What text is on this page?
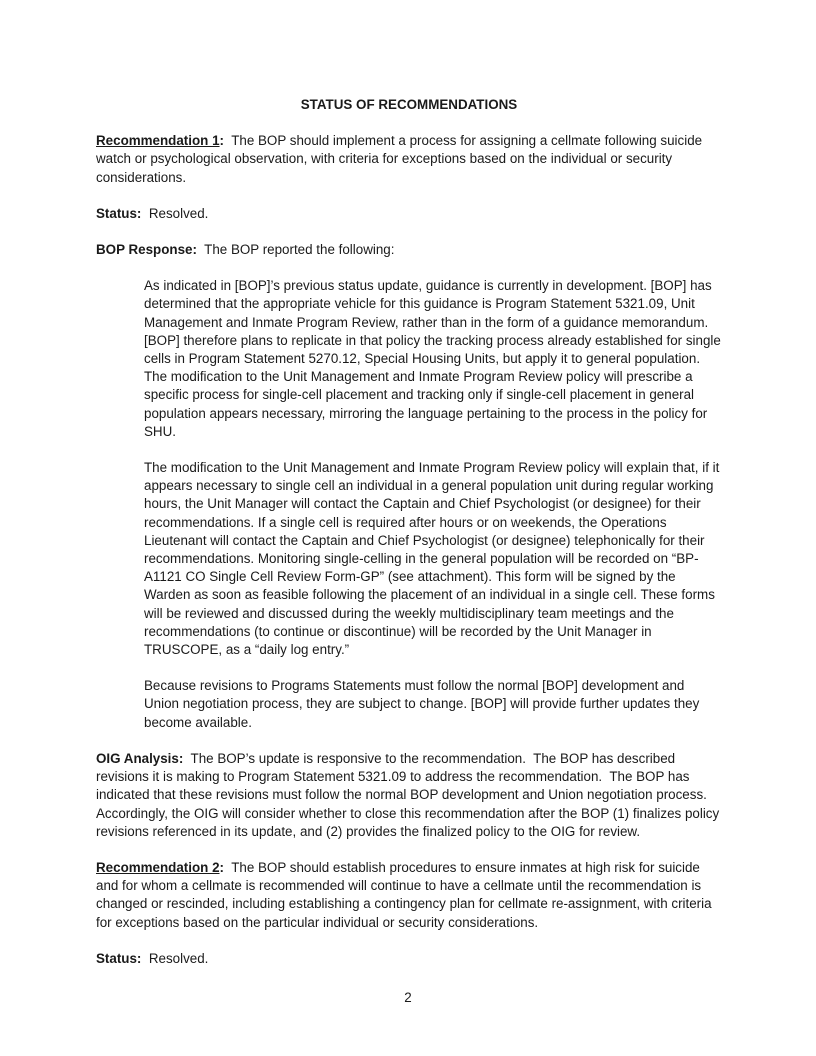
STATUS OF RECOMMENDATIONS

Recommendation 1:  The BOP should implement a process for assigning a cellmate following suicide watch or psychological observation, with criteria for exceptions based on the individual or security considerations.

Status:  Resolved.

BOP Response:  The BOP reported the following:

As indicated in [BOP]’s previous status update, guidance is currently in development. [BOP] has determined that the appropriate vehicle for this guidance is Program Statement 5321.09, Unit Management and Inmate Program Review, rather than in the form of a guidance memorandum. [BOP] therefore plans to replicate in that policy the tracking process already established for single cells in Program Statement 5270.12, Special Housing Units, but apply it to general population. The modification to the Unit Management and Inmate Program Review policy will prescribe a specific process for single-cell placement and tracking only if single-cell placement in general population appears necessary, mirroring the language pertaining to the process in the policy for SHU.

The modification to the Unit Management and Inmate Program Review policy will explain that, if it appears necessary to single cell an individual in a general population unit during regular working hours, the Unit Manager will contact the Captain and Chief Psychologist (or designee) for their recommendations. If a single cell is required after hours or on weekends, the Operations Lieutenant will contact the Captain and Chief Psychologist (or designee) telephonically for their recommendations. Monitoring single-celling in the general population will be recorded on “BP-A1121 CO Single Cell Review Form-GP” (see attachment). This form will be signed by the Warden as soon as feasible following the placement of an individual in a single cell. These forms will be reviewed and discussed during the weekly multidisciplinary team meetings and the recommendations (to continue or discontinue) will be recorded by the Unit Manager in TRUSCOPE, as a “daily log entry.”

Because revisions to Programs Statements must follow the normal [BOP] development and Union negotiation process, they are subject to change. [BOP] will provide further updates they become available.

OIG Analysis:  The BOP’s update is responsive to the recommendation.  The BOP has described revisions it is making to Program Statement 5321.09 to address the recommendation.  The BOP has indicated that these revisions must follow the normal BOP development and Union negotiation process.  Accordingly, the OIG will consider whether to close this recommendation after the BOP (1) finalizes policy revisions referenced in its update, and (2) provides the finalized policy to the OIG for review.

Recommendation 2:  The BOP should establish procedures to ensure inmates at high risk for suicide and for whom a cellmate is recommended will continue to have a cellmate until the recommendation is changed or rescinded, including establishing a contingency plan for cellmate re-assignment, with criteria for exceptions based on the particular individual or security considerations.

Status:  Resolved.

2
